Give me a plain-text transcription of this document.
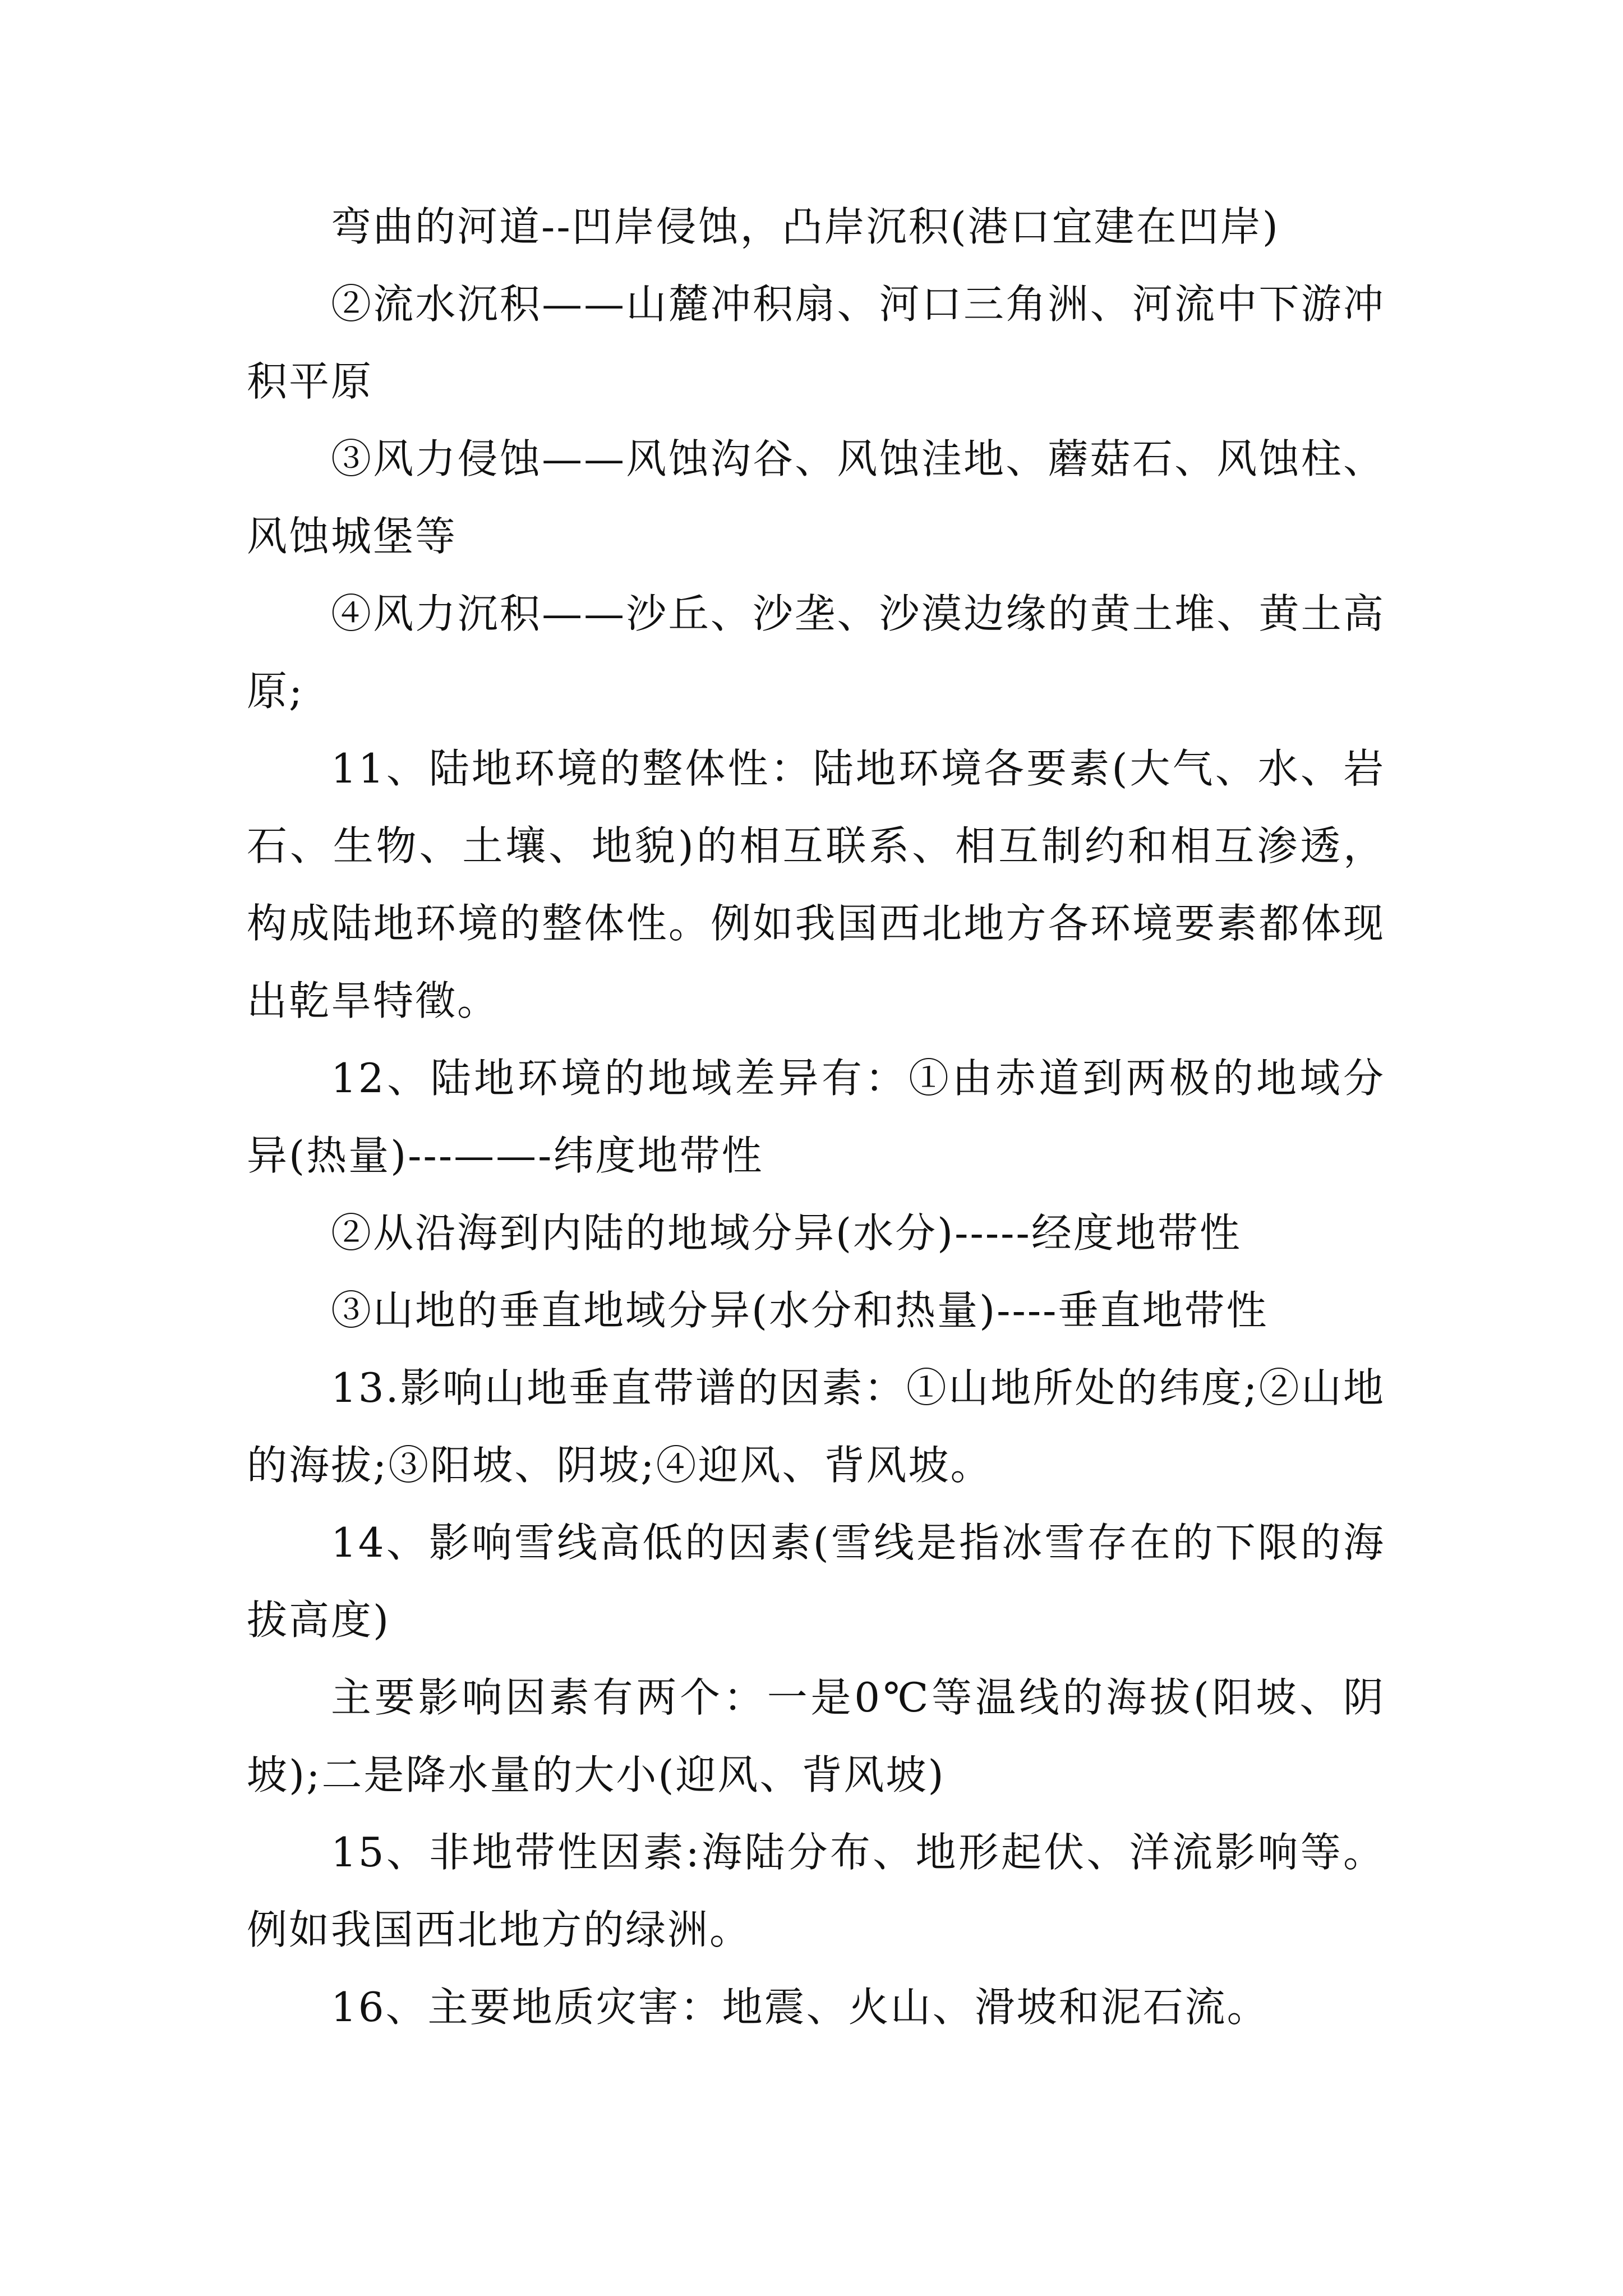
弯曲的河道--凹岸侵蚀，凸岸沉积(港口宜建在凹岸)

②流水沉积——山麓冲积扇、河口三角洲、河流中下游冲积平原

③风力侵蚀——风蚀沟谷、风蚀洼地、蘑菇石、风蚀柱、风蚀城堡等

④风力沉积——沙丘、沙垄、沙漠边缘的黄土堆、黄土高原;

11、陆地环境的整体性：陆地环境各要素(大气、水、岩石、生物、土壤、地貌)的相互联系、相互制约和相互渗透，构成陆地环境的整体性。例如我国西北地方各环境要素都体现出乾旱特徵。

12、陆地环境的地域差异有：①由赤道到两极的地域分异(热量)---——-纬度地带性

②从沿海到内陆的地域分异(水分)-----经度地带性

③山地的垂直地域分异(水分和热量)----垂直地带性

13.影响山地垂直带谱的因素：①山地所处的纬度;②山地的海拔;③阳坡、阴坡;④迎风、背风坡。

14、影响雪线高低的因素(雪线是指冰雪存在的下限的海拔高度)

主要影响因素有两个：一是0℃等温线的海拔(阳坡、阴坡);二是降水量的大小(迎风、背风坡)

15、非地带性因素:海陆分布、地形起伏、洋流影响等。例如我国西北地方的绿洲。

16、主要地质灾害：地震、火山、滑坡和泥石流。
